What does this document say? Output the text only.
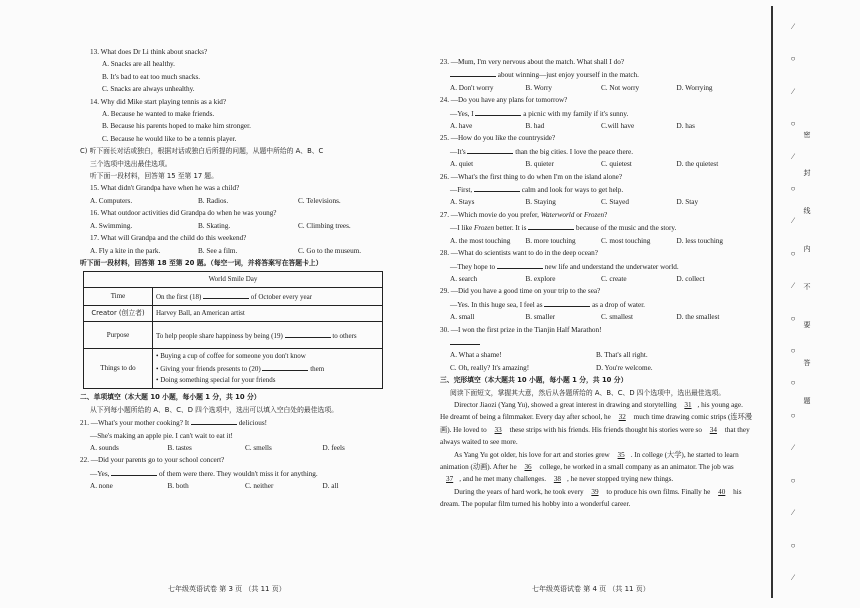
13. What does Dr Li think about snacks?
A. Snacks are all healthy.
B. It's bad to eat too much snacks.
C. Snacks are always unhealthy.
14. Why did Mike start playing tennis as a kid?
A. Because he wanted to make friends.
B. Because his parents hoped to make him stronger.
C. Because he would like to be a tennis player.
C) 听下面长对话或独白，根据对话或独白后所提的问题，从题中所给的 A、B、C
三个选项中选出最佳选项。
听下面一段材料，回答第 15 至第 17 题。
15. What didn't Grandpa have when he was a child?
A. Computers.	B. Radios.	C. Televisions.
16. What outdoor activities did Grandpa do when he was young?
A. Swimming.	B. Skating.	C. Climbing trees.
17. What will Grandpa and the child do this weekend?
A. Fly a kite in the park.	B. See a film.	C. Go to the museum.
听下面一段材料，回答第 18 至第 20 题。（每空一词，并将答案写在答题卡上）
World Smile Day	
Time	On the first (18) of October every year
Creator (创立者)	Harvey Ball, an American artist
Purpose	To help people share happiness by being (19) to others
Things to do	• Buying a cup of coffee for someone you don't know
• Giving your friends presents to (20) them
• Doing something special for your friends
二、单项填空（本大题 10 小题，每小题 1 分，共 10 分）
从下列每小题所给的 A、B、C、D 四个选项中，选出可以填入空白处的最佳选项。
21. —What's your mother cooking? It	delicious!
—She's making an apple pie. I can't wait to eat it!
A. sounds	B. tastes	C. smells	D. feels
22. —Did your parents go to your school concert?
—Yes,	of them were there. They wouldn't miss it for anything.
A. none	B. both	C. neither	D. all
七年级英语试卷 第 3 页 （共 11 页）
23. —Mum, I'm very nervous about the match. What shall I do?
about winning—just enjoy yourself in the match.
A. Don't worry	B. Worry	C. Not worry	D. Worrying
24. —Do you have any plans for tomorrow?
—Yes, I	a picnic with my family if it's sunny.
A. have	B. had	C.will have	D. has
25. —How do you like the countryside?
—It's	than the big cities. I love the peace there.
A. quiet	B. quieter	C. quietest	D. the quietest
26. —What's the first thing to do when I'm on the island alone?
—First,	calm and look for ways to get help.
A. Stays	B. Staying	C. Stayed	D. Stay
27. —Which movie do you prefer, Waterworld or Frozen?
—I like Frozen better. It is	because of the music and the story.
A. the most touching	B. more touching	C. most touching	D. less touching
28. —What do scientists want to do in the deep ocean?
—They hope to	new life and understand the underwater world.
A. search	B. explore	C. create	D. collect
29. —Did you have a good time on your trip to the sea?
—Yes. In this huge sea, I feel as	as a drop of water.
A. small	B. smaller	C. smallest	D. the smallest
30. —I won the first prize in the Tianjin Half Marathon!
A. What a shame!	B. That's all right.
C. Oh, really? It's amazing!	D. You're welcome.
三、完形填空（本大题共 10 小题，每小题 1 分，共 10 分）
阅读下面短文，掌握其大意，然后从各题所给的 A、B、C、D 四个选项中，选出最佳选项。

Director Jiaozi (Yang Yu), showed a great interest in drawing and storytelling 31 , his young age. He dreamt of being a filmmaker. Every day after school, he 32 much time drawing comic strips (连环漫画). He loved to 33 these strips with his friends. His friends thought his stories were so 34 that they always waited to see more.

As Yang Yu got older, his love for art and stories grew 35 . In college (大学), he started to learn animation (动画). After he 36 college, he worked in a small company as an animator. The job was 37 , and he met many challenges. 38 , he never stopped trying new things.

During the years of hard work, he took every 39 to produce his own films. Finally he 40 his dream. The popular film turned his hobby into a wonderful career.

七年级英语试卷 第 4 页 （共 11 页）
⁄
○
⁄
○
⁄
○
⁄
○
⁄
○
○
○
○
⁄
○
⁄
○
⁄
密
封
线
内
不
要
答
题
